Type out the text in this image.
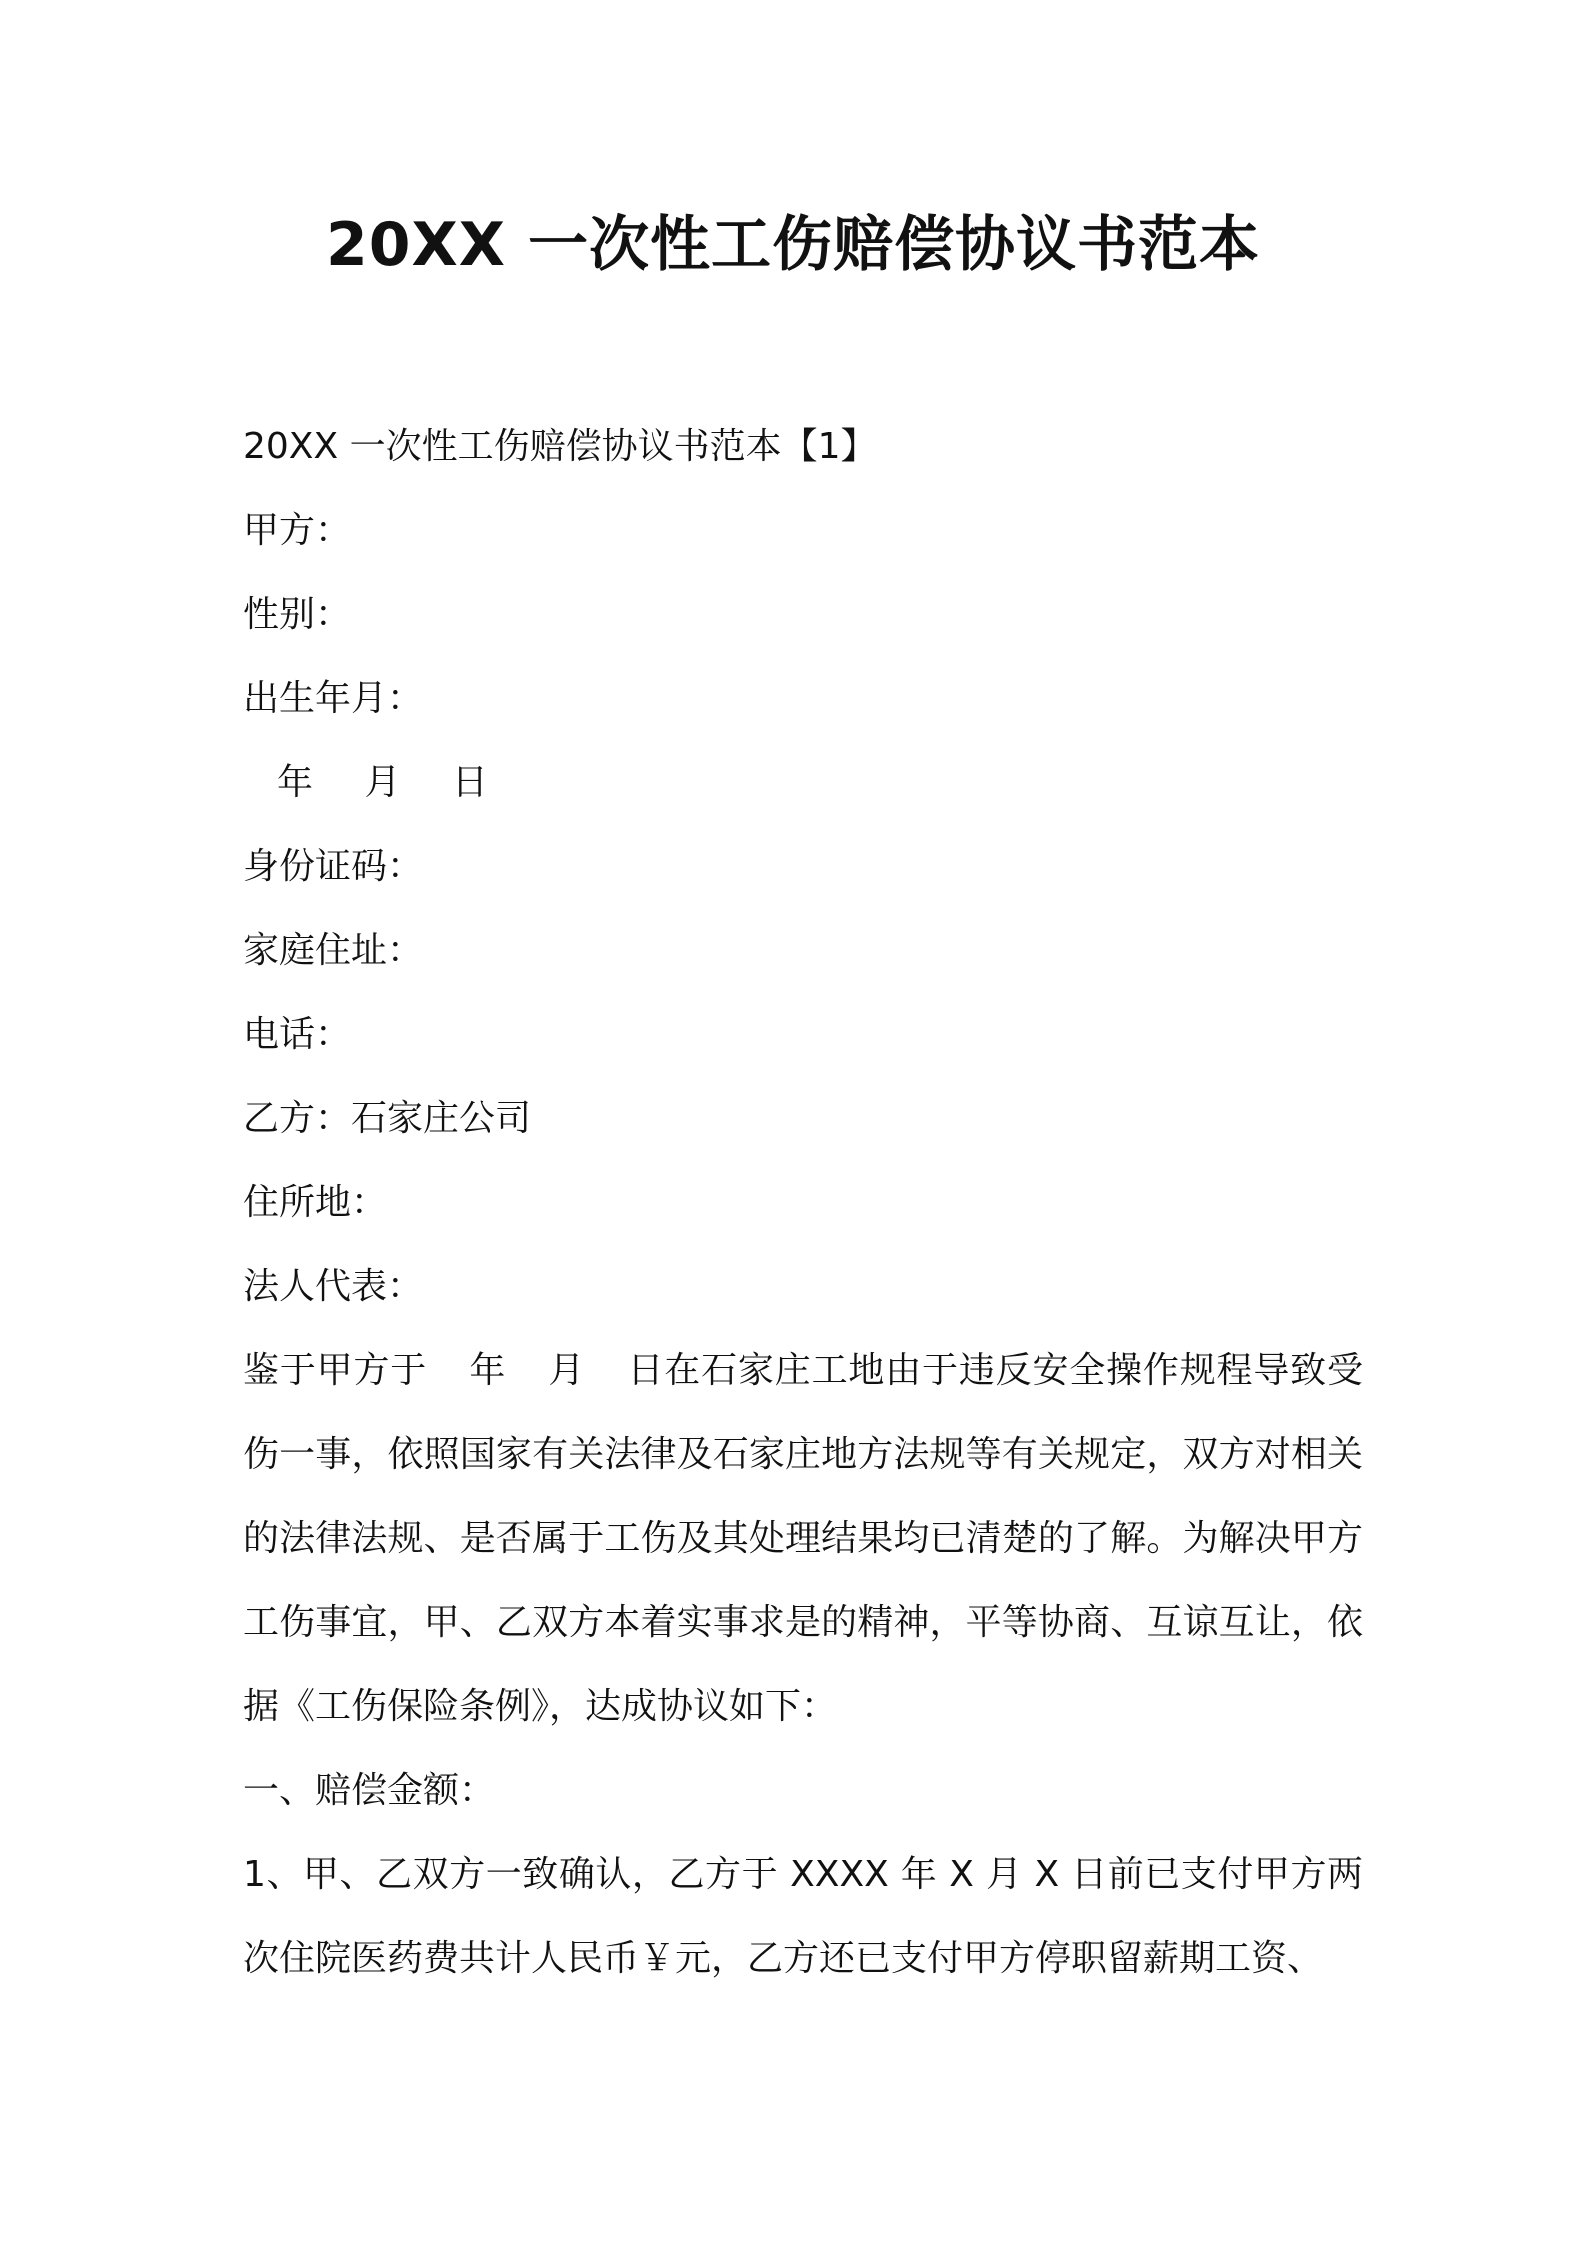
20XX 一次性工伤赔偿协议书范本

20XX 一次性工伤赔偿协议书范本【1】

甲方：

性别：

出生年月：

年 月 日

身份证码：

家庭住址：

电话：

乙方：石家庄公司

住所地：

法人代表：

鉴于甲方于 年 月 日在石家庄工地由于违反安全操作规程导致受伤一事，依照国家有关法律及石家庄地方法规等有关规定，双方对相关的法律法规、是否属于工伤及其处理结果均已清楚的了解。为解决甲方工伤事宜，甲、乙双方本着实事求是的精神，平等协商、互谅互让，依据《工伤保险条例》，达成协议如下：

一、赔偿金额：

1、甲、乙双方一致确认，乙方于 XXXX 年 X 月 X 日前已支付甲方两次住院医药费共计人民币￥元，乙方还已支付甲方停职留薪期工资、
